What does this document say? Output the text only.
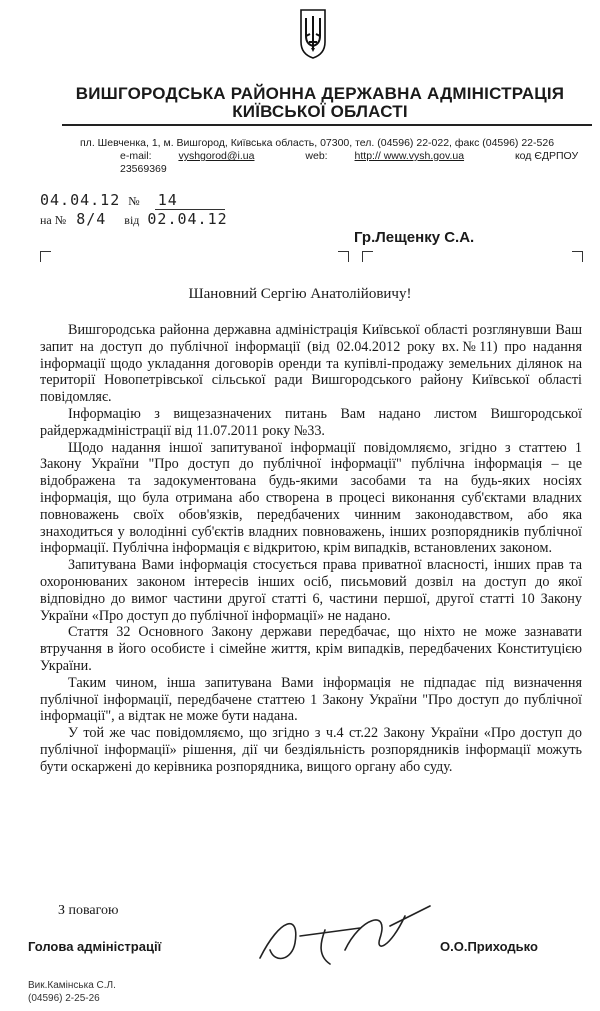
ВИШГОРОДСЬКА РАЙОННА ДЕРЖАВНА АДМІНІСТРАЦІЯ
КИЇВСЬКОЇ ОБЛАСТІ
пл. Шевченка, 1, м. Вишгород, Київська область, 07300, тел. (04596) 22-022, факс (04596) 22-526
e-mail:	vyshgorod@i.ua	web:	http:// www.vysh.gov.ua	код ЄДРПОУ 23569369
04.04.12 № 14
на № 8/4 від 02.04.12
Гр.Лещенку С.А.
Шановний Сергію Анатолійовичу!

Вишгородська районна державна адміністрація Київської області розглянувши Ваш запит на доступ до публічної інформації (від 02.04.2012 року вх.№11) про надання інформації щодо укладання договорів оренди та купівлі-продажу земельних ділянок на території Новопетрівської сільської ради Вишгородського району Київської області повідомляє.

Інформацію з вищезазначених питань Вам надано листом Вишгородської райдержадміністрації від 11.07.2011 року №33.

Щодо надання іншої запитуваної інформації повідомляємо, згідно з статтею 1 Закону України "Про доступ до публічної інформації" публічна інформація – це відображена та задокументована будь-якими засобами та на будь-яких носіях інформація, що була отримана або створена в процесі виконання суб'єктами владних повноважень своїх обов'язків, передбачених чинним законодавством, або яка знаходиться у володінні суб'єктів владних повноважень, інших розпорядників публічної інформації. Публічна інформація є відкритою, крім випадків, встановлених законом.

Запитувана Вами інформація стосується права приватної власності, інших прав та охоронюваних законом інтересів інших осіб, письмовий дозвіл на доступ до якої відповідно до вимог частини другої статті 6, частини першої, другої статті 10 Закону України «Про доступ до публічної інформації» не надано.

Стаття 32 Основного Закону держави передбачає, що ніхто не може зазнавати втручання в його особисте і сімейне життя, крім випадків, передбачених Конституцією України.

Таким чином, інша запитувана Вами інформація не підпадає під визначення публічної інформації, передбачене статтею 1 Закону України "Про доступ до публічної інформації", а відтак не може бути надана.

У той же час повідомляємо, що згідно з ч.4 ст.22 Закону України «Про доступ до публічної інформації» рішення, дії чи бездіяльність розпорядників інформації можуть бути оскаржені до керівника розпорядника, вищого органу або суду.

З повагою
Голова адміністрації	О.О.Приходько
Вик.Камінська С.Л.
(04596) 2-25-26
